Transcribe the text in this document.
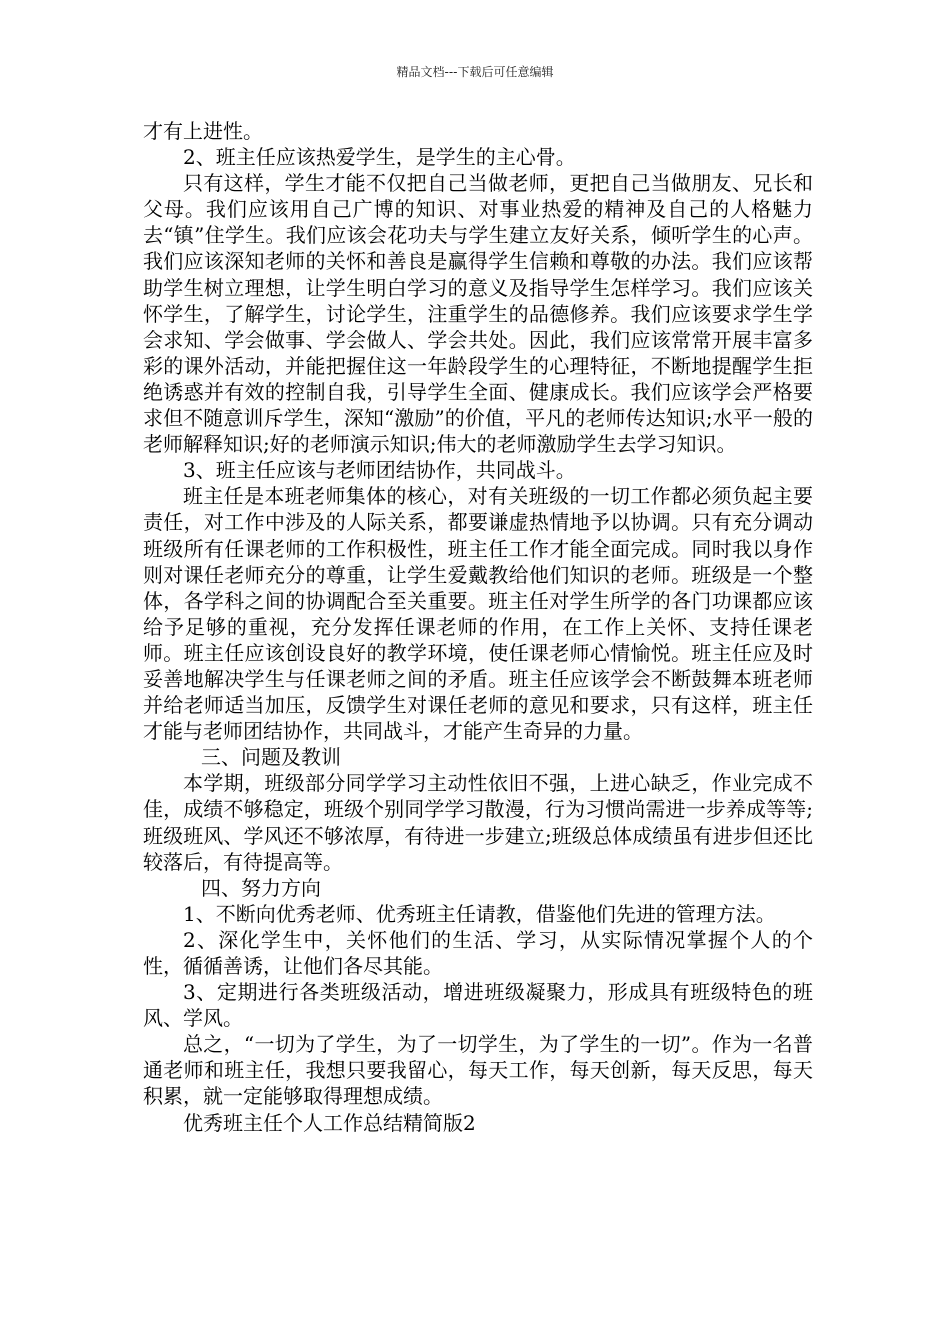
精品文档---下载后可任意编辑

才有上进性。

2、班主任应该热爱学生，是学生的主心骨。

只有这样，学生才能不仅把自己当做老师，更把自己当做朋友、兄长和父母。我们应该用自己广博的知识、对事业热爱的精神及自己的人格魅力去“镇”住学生。我们应该会花功夫与学生建立友好关系，倾听学生的心声。我们应该深知老师的关怀和善良是赢得学生信赖和尊敬的办法。我们应该帮助学生树立理想，让学生明白学习的意义及指导学生怎样学习。我们应该关怀学生，了解学生，讨论学生，注重学生的品德修养。我们应该要求学生学会求知、学会做事、学会做人、学会共处。因此，我们应该常常开展丰富多彩的课外活动，并能把握住这一年龄段学生的心理特征，不断地提醒学生拒绝诱惑并有效的控制自我，引导学生全面、健康成长。我们应该学会严格要求但不随意训斥学生，深知“激励”的价值，平凡的老师传达知识;水平一般的老师解释知识;好的老师演示知识;伟大的老师激励学生去学习知识。

3、班主任应该与老师团结协作，共同战斗。

班主任是本班老师集体的核心，对有关班级的一切工作都必须负起主要责任，对工作中涉及的人际关系，都要谦虚热情地予以协调。只有充分调动班级所有任课老师的工作积极性，班主任工作才能全面完成。同时我以身作则对课任老师充分的尊重，让学生爱戴教给他们知识的老师。班级是一个整体，各学科之间的协调配合至关重要。班主任对学生所学的各门功课都应该给予足够的重视，充分发挥任课老师的作用，在工作上关怀、支持任课老师。班主任应该创设良好的教学环境，使任课老师心情愉悦。班主任应及时妥善地解决学生与任课老师之间的矛盾。班主任应该学会不断鼓舞本班老师并给老师适当加压，反馈学生对课任老师的意见和要求，只有这样，班主任才能与老师团结协作，共同战斗，才能产生奇异的力量。

三、问题及教训

本学期，班级部分同学学习主动性依旧不强，上进心缺乏，作业完成不佳，成绩不够稳定，班级个别同学学习散漫，行为习惯尚需进一步养成等等;班级班风、学风还不够浓厚，有待进一步建立;班级总体成绩虽有进步但还比较落后，有待提高等。

四、努力方向

1、不断向优秀老师、优秀班主任请教，借鉴他们先进的管理方法。

2、深化学生中，关怀他们的生活、学习，从实际情况掌握个人的个性，循循善诱，让他们各尽其能。

3、定期进行各类班级活动，增进班级凝聚力，形成具有班级特色的班风、学风。

总之，“一切为了学生，为了一切学生，为了学生的一切”。作为一名普通老师和班主任，我想只要我留心，每天工作，每天创新，每天反思，每天积累，就一定能够取得理想成绩。

优秀班主任个人工作总结精简版2
